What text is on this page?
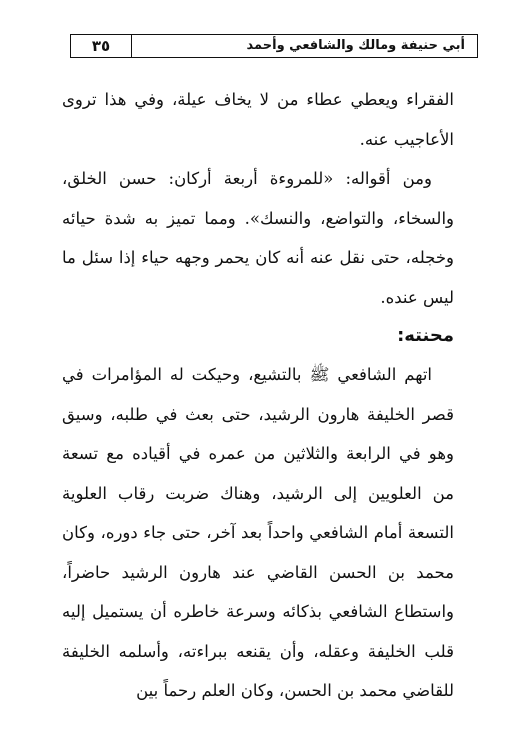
أبي حنيفة ومالك والشافعي وأحمد
٣٥

الفقراء ويعطي عطاء من لا يخاف عيلة، وفي هذا تروى الأعاجيب عنه.

ومن أقواله: «للمروءة أربعة أركان: حسن الخلق، والسخاء، والتواضع، والنسك». ومما تميز به شدة حيائه وخجله، حتى نقل عنه أنه كان يحمر وجهه حياء إذا سئل ما ليس عنده.

محنته:

اتهم الشافعي ﷺ بالتشيع، وحيكت له المؤامرات في قصر الخليفة هارون الرشيد، حتى بعث في طلبه، وسيق وهو في الرابعة والثلاثين من عمره في أقياده مع تسعة من العلويين إلى الرشيد، وهناك ضربت رقاب العلوية التسعة أمام الشافعي واحداً بعد آخر، حتى جاء دوره، وكان محمد بن الحسن القاضي عند هارون الرشيد حاضراً، واستطاع الشافعي بذكائه وسرعة خاطره أن يستميل إليه قلب الخليفة وعقله، وأن يقنعه ببراءته، وأسلمه الخليفة للقاضي محمد بن الحسن، وكان العلم رحماً بين
